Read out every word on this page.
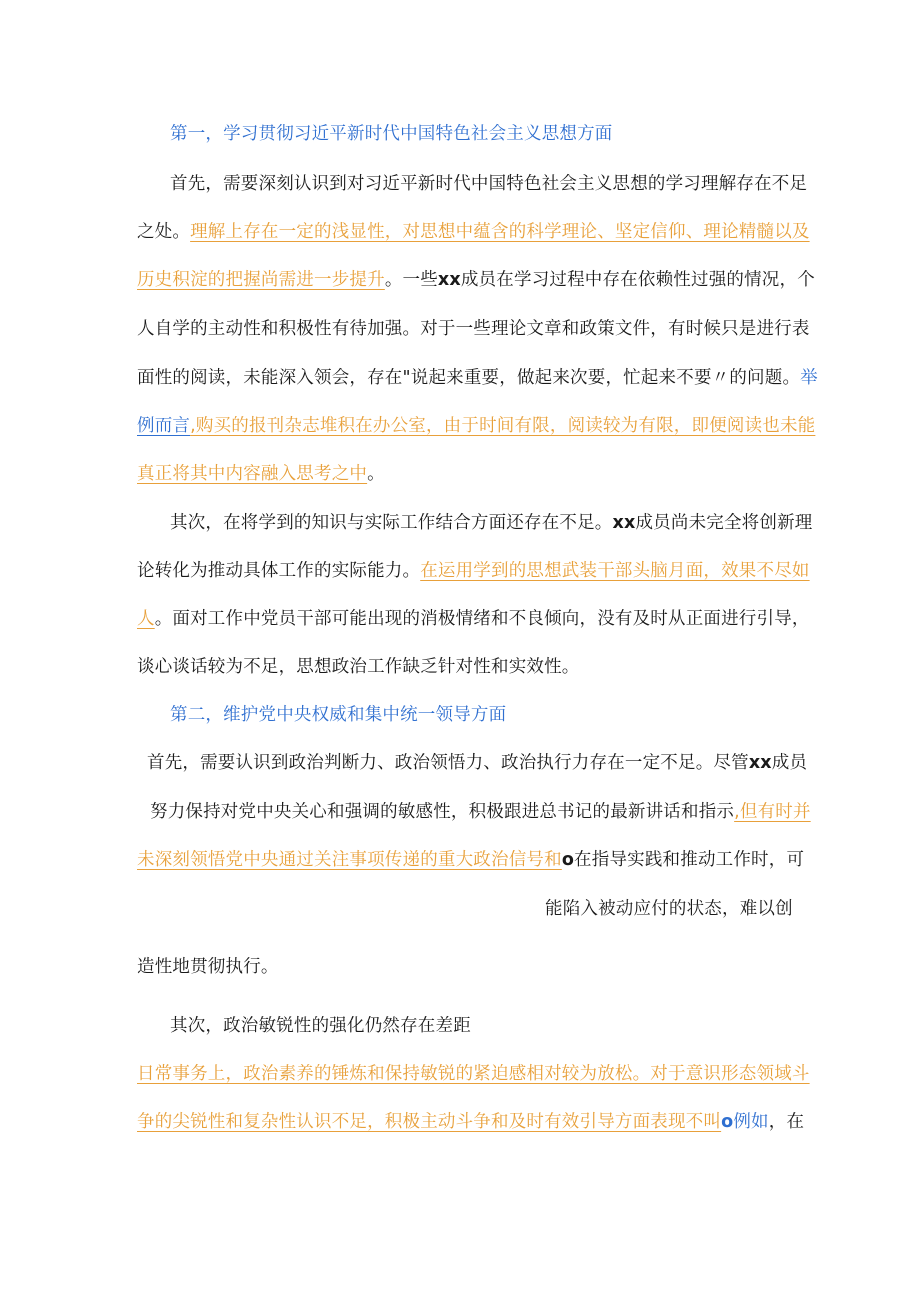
第一，学习贯彻习近平新时代中国特色社会主义思想方面
首先，需要深刻认识到对习近平新时代中国特色社会主义思想的学习理解存在不足
之处。理解上存在一定的浅显性，对思想中蕴含的科学理论、坚定信仰、理论精髓以及
历史积淀的把握尚需进一步提升。一些xx成员在学习过程中存在依赖性过强的情况，个
人自学的主动性和积极性有待加强。对于一些理论文章和政策文件，有时候只是进行表
面性的阅读，未能深入领会，存在"说起来重要，做起来次要，忙起来不要〃的问题。举
例而言,购买的报刊杂志堆积在办公室，由于时间有限，阅读较为有限，即便阅读也未能
真正将其中内容融入思考之中。
其次，在将学到的知识与实际工作结合方面还存在不足。xx成员尚未完全将创新理
论转化为推动具体工作的实际能力。在运用学到的思想武装干部头脑月面，效果不尽如
人。面对工作中党员干部可能出现的消极情绪和不良倾向，没有及时从正面进行引导，
谈心谈话较为不足，思想政治工作缺乏针对性和实效性。
第二，维护党中央权威和集中统一领导方面
首先，需要认识到政治判断力、政治领悟力、政治执行力存在一定不足。尽管xx成员
努力保持对党中央关心和强调的敏感性，积极跟进总书记的最新讲话和指示,但有时并
未深刻领悟党中央通过关注事项传递的重大政治信号和o在指导实践和推动工作时，可
能陷入被动应付的状态，难以创
造性地贯彻执行。
其次，政治敏锐性的强化仍然存在差距
日常事务上，政治素养的锤炼和保持敏锐的紧迫感相对较为放松。对于意识形态领域斗
争的尖锐性和复杂性认识不足，积极主动斗争和及时有效引导方面表现不叫o例如，在
